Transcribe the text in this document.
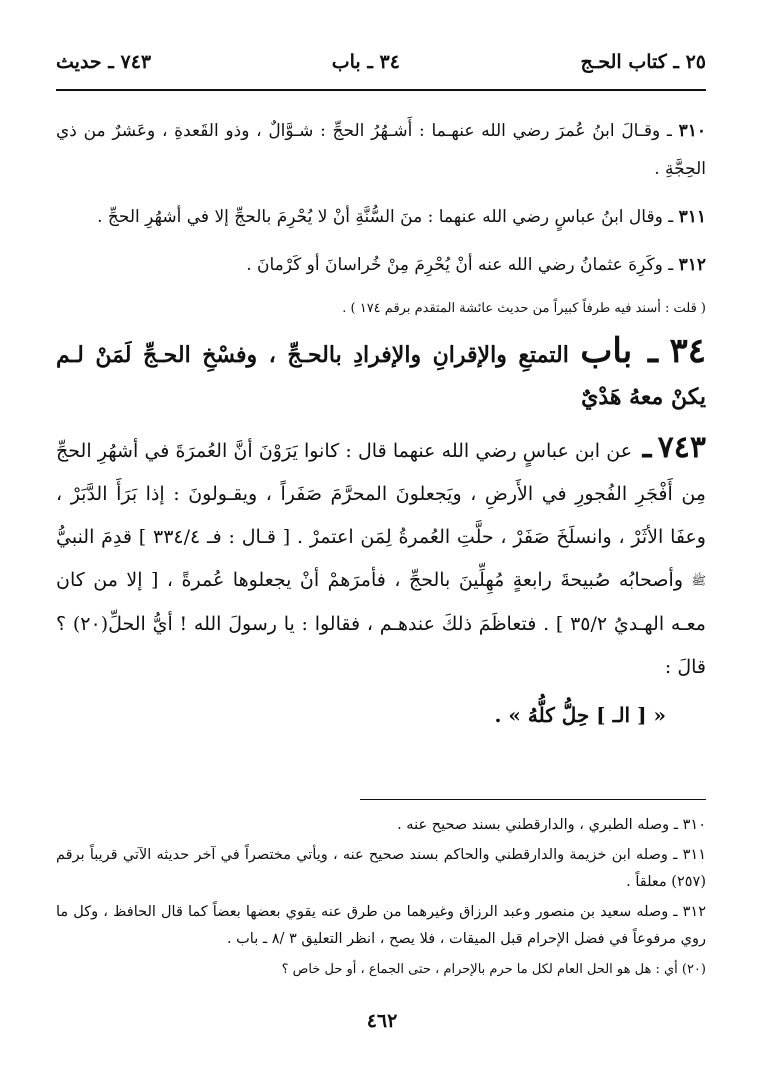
٢٥ ـ كتاب الحـج
٣٤ ـ باب
٧٤٣ ـ حديث

٣١٠ ـ وقـالَ ابنُ عُمرَ رضي الله عنهـما : أَشـهُرُ الحجِّ : شـوَّالٌ ، وذو القَعدةِ ، وعَشرٌ من ذي الحِجَّةِ .

٣١١ ـ وقال ابنُ عباسٍ رضي الله عنهما : منَ السُّنَّةِ أنْ لا يُحْرِمَ بالحجِّ إلا في أشهُرِ الحجِّ .

٣١٢ ـ وكَرِهَ عثمانُ رضي الله عنه أنْ يُحْرِمَ مِنْ خُراسانَ أو كَرْمانَ .

( قلت : أسند فيه طرفاً كبيراً من حديث عائشة المتقدم برقم ١٧٤ ) .

٣٤ ـ باب التمتعِ والإقرانِ والإفرادِ بالحـجِّ ، وفسْخِ الحـجِّ لَمَنْ لـم يكنْ معهُ هَدْيٌ

٧٤٣ ـ عن ابن عباسٍ رضي الله عنهما قال : كانوا يَرَوْنَ أنَّ العُمرَةَ في أشهُرِ الحجِّ مِن أَفْجَرِ الفُجورِ في الأَرضِ ، ويَجعلونَ المحرَّمَ صَفَراً ، ويقـولونَ : إذا بَرَأَ الدَّبَرْ ، وعفَا الأثَرْ ، وانسلَخَ صَفَرْ ، حلَّتِ العُمرةُ لِمَن اعتمرْ . [ قـال : فـ ٣٣٤/٤ ] قدِمَ النبيُّ ﷺ وأصحابُه صُبيحةَ رابعةٍ مُهِلِّينَ بالحجِّ ، فأمرَهمْ أنْ يجعلوها عُمرةً ، [ إلا من كان معـه الهـديُ ٣٥/٢ ] . فتعاظَمَ ذلكَ عندهـم ، فقالوا : يا رسولَ الله ! أيُّ الحلِّ(٢٠) ؟ قالَ :

« [ الـ ] حِلُّ كلُّهُ » .

٣١٠ ـ وصله الطبري ، والدارقطني بسند صحيح عنه .

٣١١ ـ وصله ابن خزيمة والدارقطني والحاكم بسند صحيح عنه ، ويأتي مختصراً في آخر حديثه الآتي قريباً برقم (٢٥٧) معلقاً .

٣١٢ ـ وصله سعيد بن منصور وعبد الرزاق وغيرهما من طرق عنه يقوي بعضها بعضاً كما قال الحافظ ، وكل ما روي مرفوعاً في فضل الإحرام قبل الميقات ، فلا يصح ، انظر التعليق ٣ /٨ ـ باب .

(٢٠) أي : هل هو الحل العام لكل ما حرم بالإحرام ، حتى الجماع ، أو حل خاص ؟

٤٦٢
